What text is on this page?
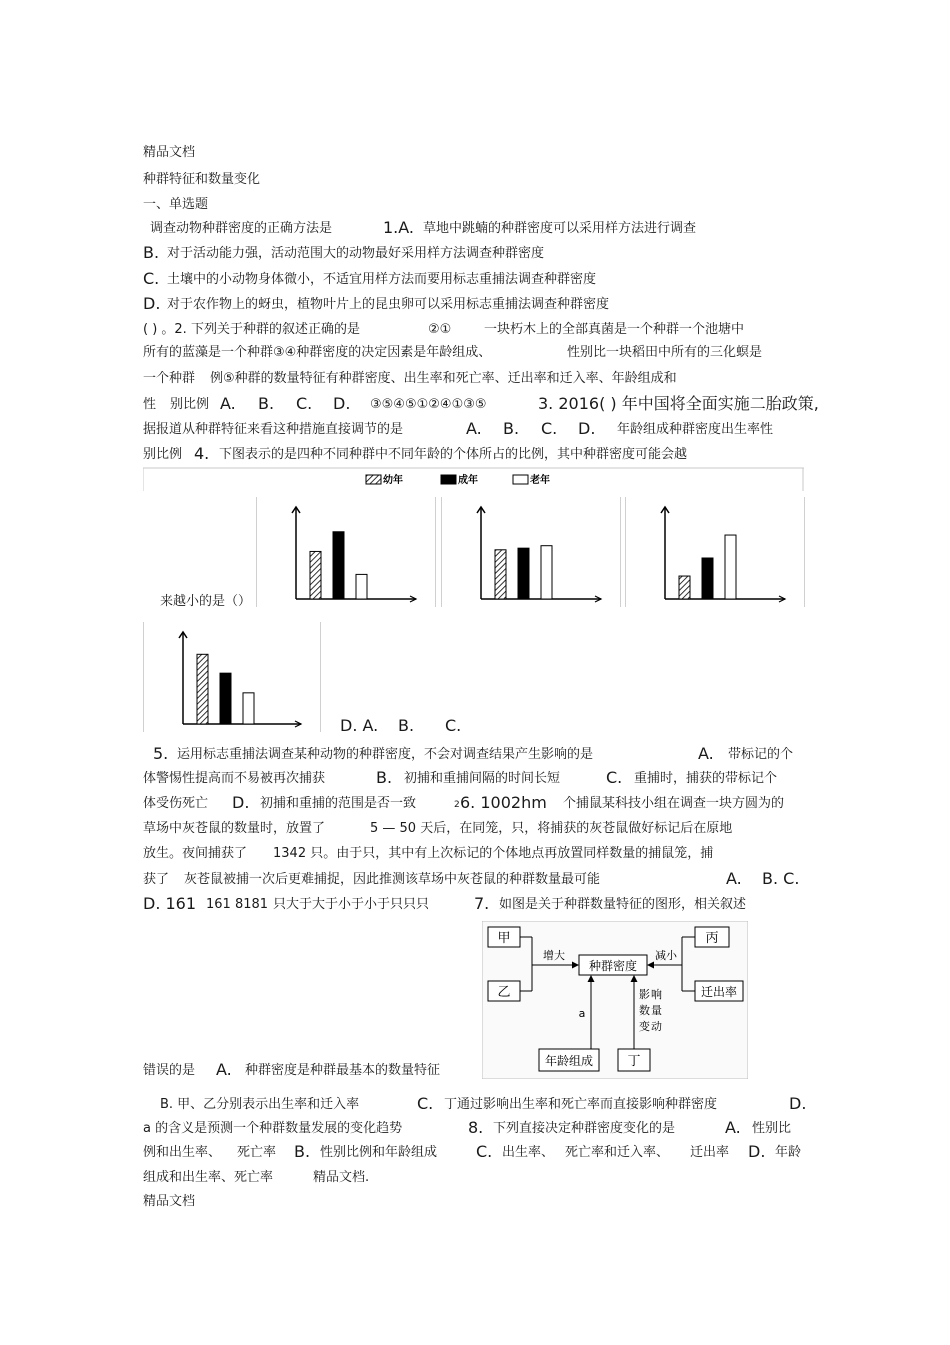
精品文档
种群特征和数量变化
一、单选题
调查动物种群密度的正确方法是	1.A. 草地中跳蝻的种群密度可以采用样方法进行调查
B. 对于活动能力强，活动范围大的动物最好采用样方法调查种群密度
C. 土壤中的小动物身体微小，不适宜用样方法而要用标志重捕法调查种群密度
D. 对于农作物上的蚜虫，植物叶片上的昆虫卵可以采用标志重捕法调查种群密度
( ) 。2. 下列关于种群的叙述正确的是	②①	一块朽木上的全部真菌是一个种群一个池塘中
所有的蓝藻是一个种群③④种群密度的决定因素是年龄组成、	性别比一块稻田中所有的三化螟是
一个种群 例⑤种群的数量特征有种群密度、出生率和死亡率、迁出率和迁入率、年龄组成和
性 别比例 A. B. C. D. ③⑤④⑤①②④①③⑤	3. 2016( ) 年中国将全面实施二胎政策,
据报道从种群特征来看这种措施直接调节的是	A. B. C. D. 年龄组成种群密度出生率性
别比例 4. 下图表示的是四种不同种群中不同年龄的个体所占的比例，其中种群密度可能会越
来越小的是（）
D. A. B. C.
幼年	成年	老年
5. 运用标志重捕法调查某种动物的种群密度，不会对调查结果产生影响的是	A. 带标记的个
体警惕性提高而不易被再次捕获	B. 初捕和重捕间隔的时间长短	C. 重捕时，捕获的带标记个
体受伤死亡 D. 初捕和重捕的范围是否一致	2 6. 1002hm 个捕鼠某科技小组在调查一块方圆为的
草场中灰苍鼠的数量时，放置了	5 — 50 天后，在同笼，只，将捕获的灰苍鼠做好标记后在原地
放生。夜间捕获了 1342 只。由于只，其中有上次标记的个体地点再放置同样数量的捕鼠笼，捕
获了 灰苍鼠被捕一次后更难捕捉，因此推测该草场中灰苍鼠的种群数量最可能	A. B. C.
D. 161 161 8181 只大于大于小于小于只只只	7. 如图是关于种群数量特征的图形，相关叙述
错误的是 A. 种群密度是种群最基本的数量特征
B. 甲、乙分别表示出生率和迁入率	C. 丁通过影响出生率和死亡率而直接影响种群密度	D.
a 的含义是预测一个种群数量发展的变化趋势
甲
乙
种群密度
丙
迁出率
增大	减小
年龄组成	丁
a
影 响
数 量
变 动
8. 下列直接决定种群密度变化的是	A. 性别比
例和出生率、 死亡率 B. 性别比例和年龄组成 C. 出生率、 死亡率和迁入率、 迁出率 D. 年龄
组成和出生率、死亡率	精品文档.
精品文档
